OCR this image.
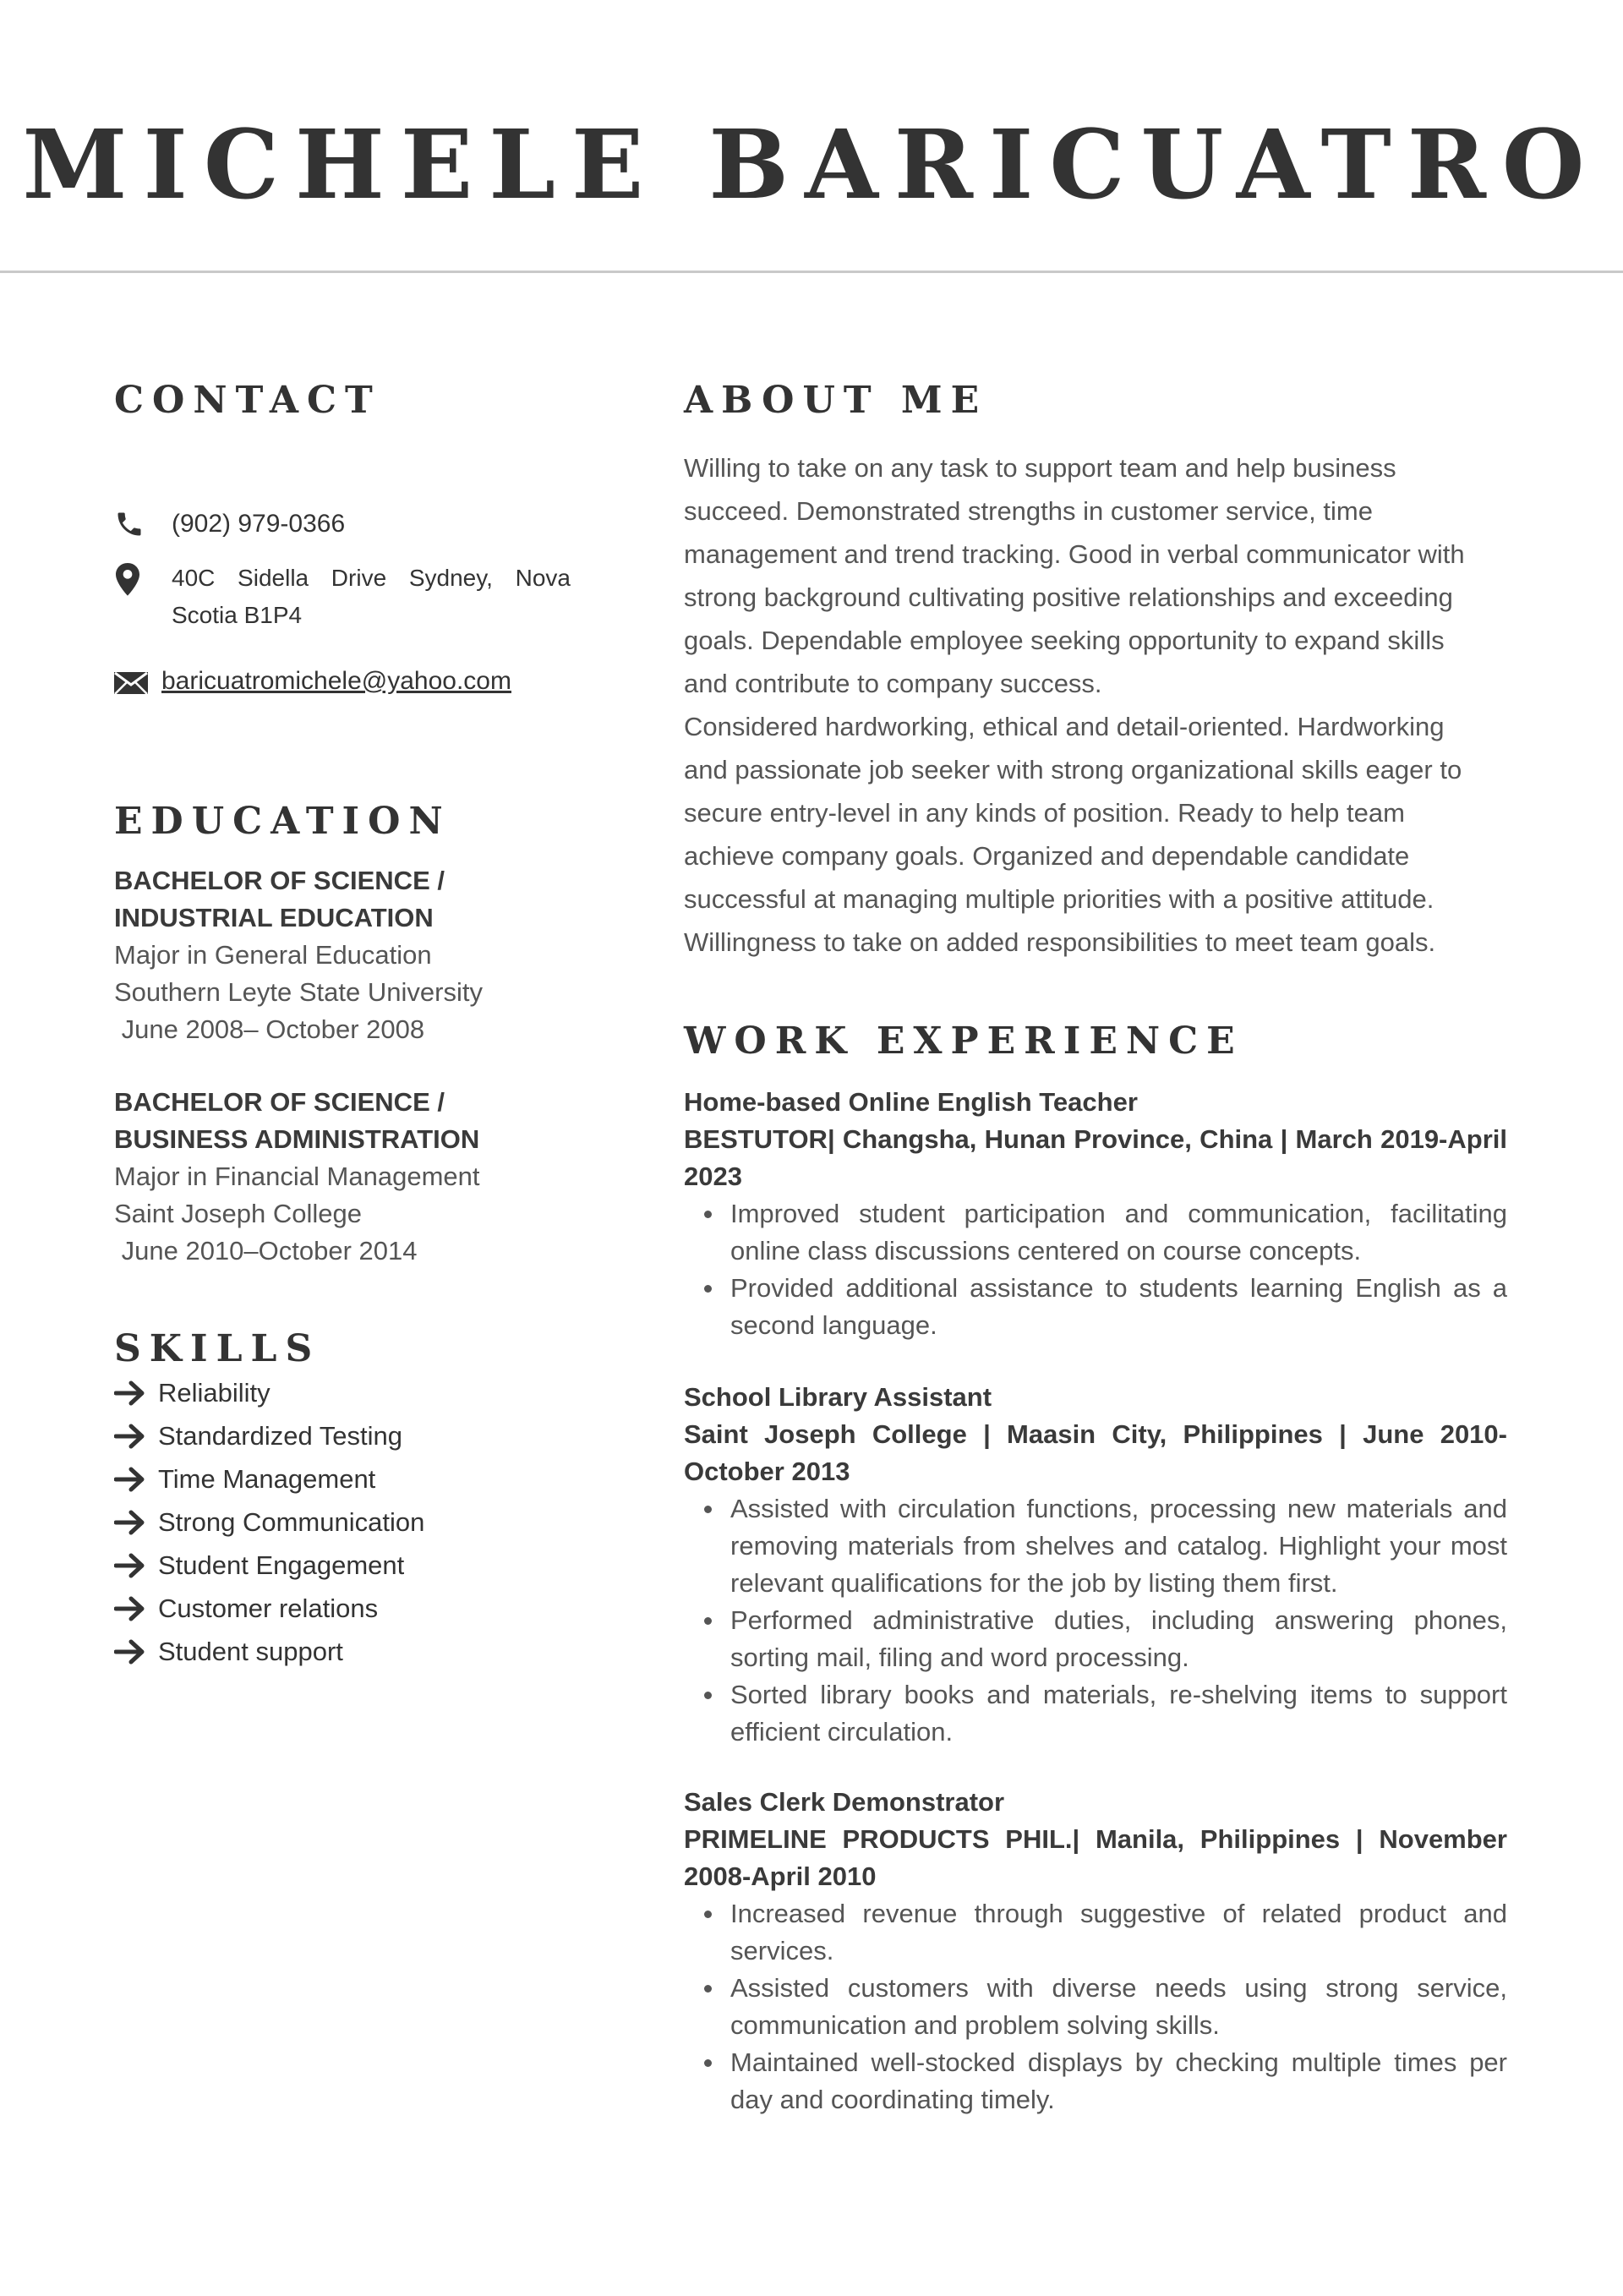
MICHELE BARICUATRO
CONTACT
(902) 979-0366
40C Sidella Drive Sydney, Nova
Scotia B1P4
baricuatromichele@yahoo.com
EDUCATION

BACHELOR OF SCIENCE /

INDUSTRIAL EDUCATION

Major in General Education

Southern Leyte State University

June 2008– October 2008

BACHELOR OF SCIENCE /

BUSINESS ADMINISTRATION

Major in Financial Management

Saint Joseph College

June 2010–October 2014

SKILLS
Reliability
Standardized Testing
Time Management
Strong Communication
Student Engagement
Customer relations
Student support
ABOUT ME
Willing to take on any task to support team and help business
succeed. Demonstrated strengths in customer service, time
management and trend tracking. Good in verbal communicator with
strong background cultivating positive relationships and exceeding
goals. Dependable employee seeking opportunity to expand skills
and contribute to company success.
Considered hardworking, ethical and detail-oriented. Hardworking
and passionate job seeker with strong organizational skills eager to
secure entry-level in any kinds of position. Ready to help team
achieve company goals. Organized and dependable candidate
successful at managing multiple priorities with a positive attitude.
Willingness to take on added responsibilities to meet team goals.
WORK EXPERIENCE

Home-based Online English Teacher

BESTUTOR| Changsha, Hunan Province, China | March 2019-April 2023

Improved student participation and communication, facilitating online class discussions centered on course concepts.
Provided additional assistance to students learning English as a second language.

School Library Assistant

Saint Joseph College | Maasin City, Philippines | June 2010-October 2013

Assisted with circulation functions, processing new materials and removing materials from shelves and catalog. Highlight your most relevant qualifications for the job by listing them first.
Performed administrative duties, including answering phones, sorting mail, filing and word processing.
Sorted library books and materials, re-shelving items to support efficient circulation.

Sales Clerk Demonstrator

PRIMELINE PRODUCTS PHIL.| Manila, Philippines | November 2008-April 2010

Increased revenue through suggestive of related product and services.
Assisted customers with diverse needs using strong service, communication and problem solving skills.
Maintained well-stocked displays by checking multiple times per day and coordinating timely.
